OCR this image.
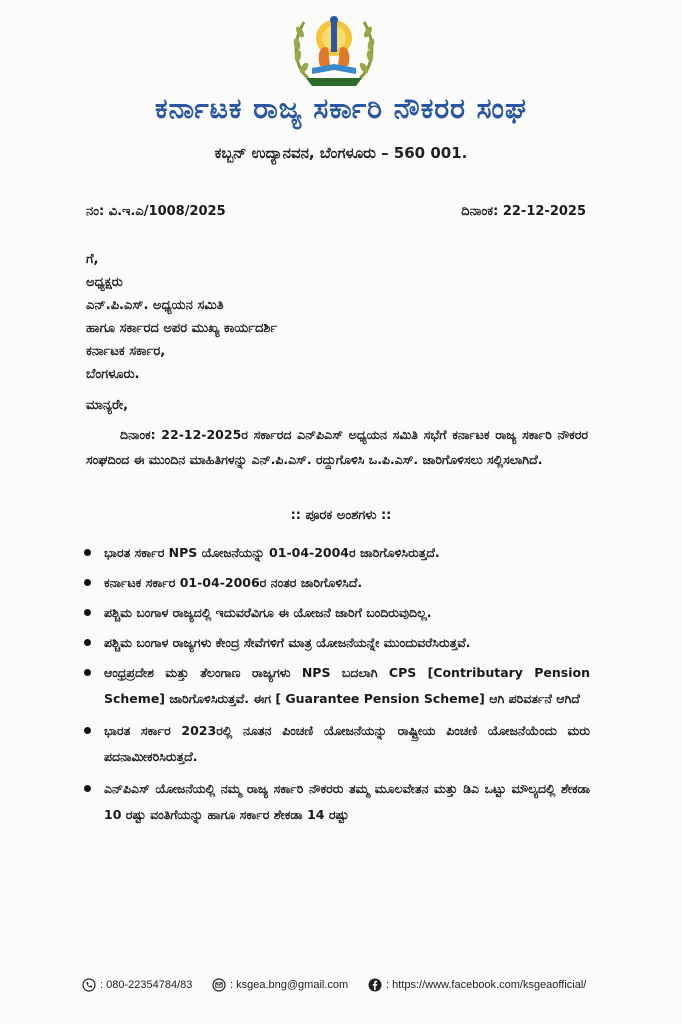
ಕರ್ನಾಟಕ ರಾಜ್ಯ ಸರ್ಕಾರಿ ನೌಕರರ ಸಂಘ
ಕಬ್ಬನ್ ಉದ್ಯಾನವನ, ಬೆಂಗಳೂರು – 560 001.
ನಂ: ವಿ.ಇ.ಎ/1008/2025	ದಿನಾಂಕ: 22-12-2025
ಗೆ,
ಅಧ್ಯಕ್ಷರು
ಎನ್.ಪಿ.ಎಸ್. ಅಧ್ಯಯನ ಸಮಿತಿ
ಹಾಗೂ ಸರ್ಕಾರದ ಅಪರ ಮುಖ್ಯ ಕಾರ್ಯದರ್ಶಿ
ಕರ್ನಾಟಕ ಸರ್ಕಾರ,
ಬೆಂಗಳೂರು.
ಮಾನ್ಯರೇ,
ದಿನಾಂಕ: 22-12-2025ರ ಸರ್ಕಾರದ ಎನ್‌ಪಿಎಸ್ ಅಧ್ಯಯನ ಸಮಿತಿ ಸಭೆಗೆ ಕರ್ನಾಟಕ ರಾಜ್ಯ ಸರ್ಕಾರಿ ನೌಕರರ ಸಂಘದಿಂದ ಈ ಮುಂದಿನ ಮಾಹಿತಿಗಳನ್ನು ಎನ್.ಪಿ.ಎಸ್. ರದ್ದುಗೊಳಿಸಿ ಒ.ಪಿ.ಎಸ್. ಜಾರಿಗೊಳಿಸಲು ಸಲ್ಲಿಸಲಾಗಿದೆ.
:: ಪೂರಕ ಅಂಶಗಳು ::
ಭಾರತ ಸರ್ಕಾರ NPS ಯೋಜನೆಯನ್ನು 01-04-2004ರ ಜಾರಿಗೊಳಿಸಿರುತ್ತದೆ.
ಕರ್ನಾಟಕ ಸರ್ಕಾರ 01-04-2006ರ ನಂತರ ಜಾರಿಗೊಳಿಸಿದೆ.
ಪಶ್ಚಿಮ ಬಂಗಾಳ ರಾಜ್ಯದಲ್ಲಿ ಇದುವರೆವಿಗೂ ಈ ಯೋಜನೆ ಜಾರಿಗೆ ಬಂದಿರುವುದಿಲ್ಲ.
ಪಶ್ಚಿಮ ಬಂಗಾಳ ರಾಜ್ಯಗಳು ಕೇಂದ್ರ ಸೇವೆಗಳಿಗೆ ಮಾತ್ರ ಯೋಜನೆಯನ್ನೇ ಮುಂದುವರೆಸಿರುತ್ತವೆ.
ಆಂಧ್ರಪ್ರದೇಶ ಮತ್ತು ತೆಲಂಗಾಣ ರಾಜ್ಯಗಳು NPS ಬದಲಾಗಿ CPS [Contributary Pension Scheme] ಜಾರಿಗೊಳಿಸಿರುತ್ತವೆ. ಈಗ [ Guarantee Pension Scheme] ಆಗಿ ಪರಿವರ್ತನೆ ಆಗಿದೆ
ಭಾರತ ಸರ್ಕಾರ 2023ರಲ್ಲಿ ನೂತನ ಪಿಂಚಣಿ ಯೋಜನೆಯನ್ನು ರಾಷ್ಟ್ರೀಯ ಪಿಂಚಣಿ ಯೋಜನೆಯೆಂದು ಮರು ಪದನಾಮೀಕರಿಸಿರುತ್ತದೆ.
ಎನ್‌ಪಿಎಸ್ ಯೋಜನೆಯಲ್ಲಿ ನಮ್ಮ ರಾಜ್ಯ ಸರ್ಕಾರಿ ನೌಕರರು ತಮ್ಮ ಮೂಲವೇತನ ಮತ್ತು ಡಿಎ ಒಟ್ಟು ಮೌಲ್ಯದಲ್ಲಿ ಶೇಕಡಾ 10 ರಷ್ಟು ವಂತಿಗೆಯನ್ನು ಹಾಗೂ ಸರ್ಕಾರ ಶೇಕಡಾ 14 ರಷ್ಟು
: 080-22354784/83	: ksgea.bng@gmail.com	: https://www.facebook.com/ksgeaofficial/
